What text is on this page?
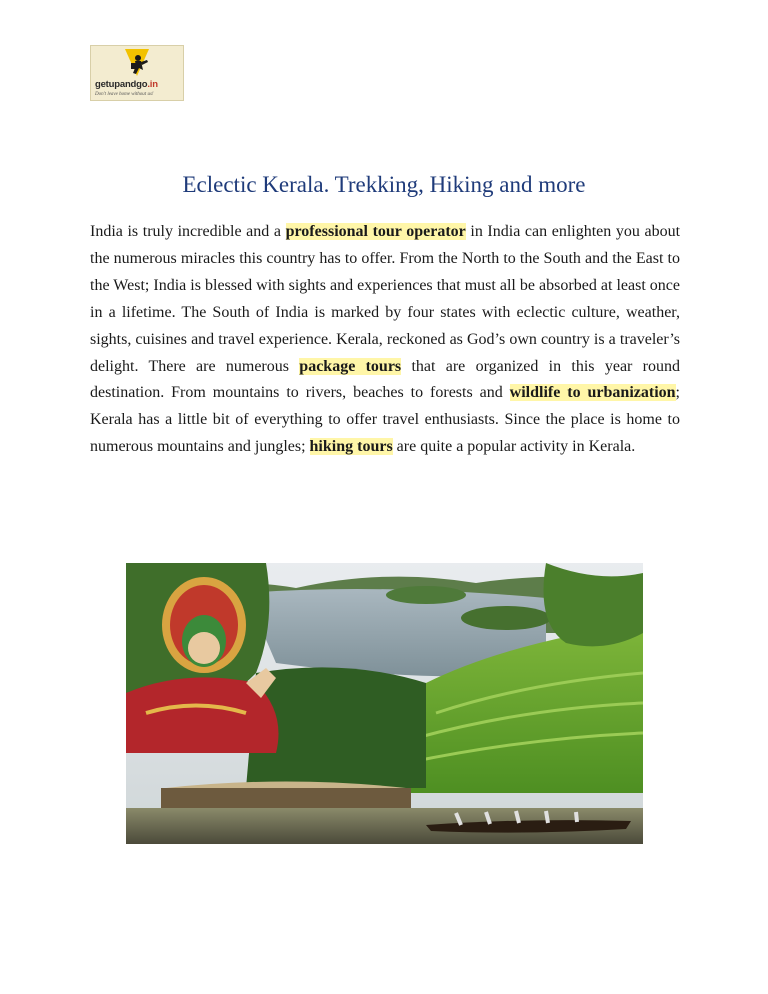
getupandgo.in
Don't leave home without us!
Eclectic Kerala. Trekking, Hiking and more

India is truly incredible and a professional tour operator in India can enlighten you about the numerous miracles this country has to offer. From the North to the South and the East to the West; India is blessed with sights and experiences that must all be absorbed at least once in a lifetime. The South of India is marked by four states with eclectic culture, weather, sights, cuisines and travel experience. Kerala, reckoned as God’s own country is a traveler’s delight. There are numerous package tours that are organized in this year round destination. From mountains to rivers, beaches to forests and wildlife to urbanization; Kerala has a little bit of everything to offer travel enthusiasts. Since the place is home to numerous mountains and jungles; hiking tours are quite a popular activity in Kerala.
